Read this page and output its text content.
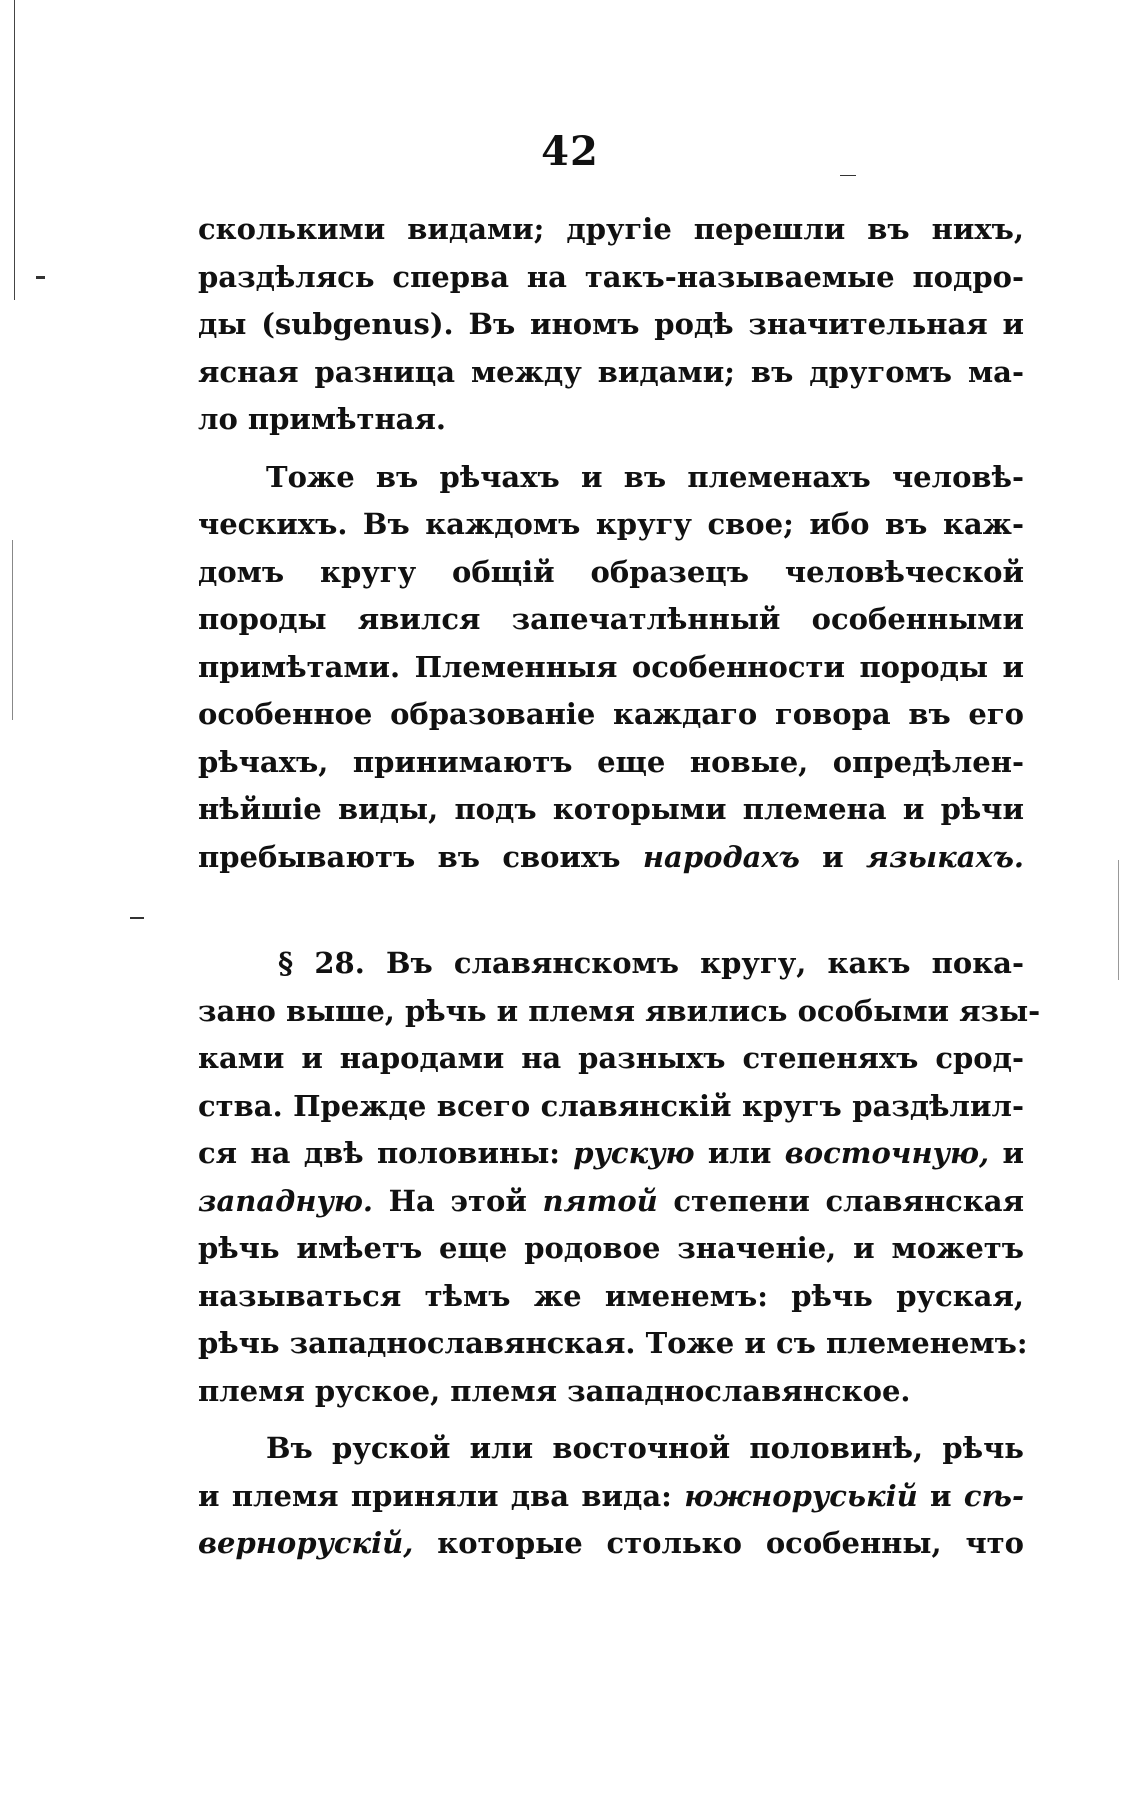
42
сколькими видами; другіе перешли въ нихъ,
раздѣлясь сперва на такъ-называемые подро-
ды (subgenus). Въ иномъ родѣ значительная и
ясная разница между видами; въ другомъ ма-
ло примѣтная.
Тоже въ рѣчахъ и въ племенахъ человѣ-
ческихъ. Въ каждомъ кругу свое; ибо въ каж-
домъ кругу общій образецъ человѣческой
породы явился запечатлѣнный особенными
примѣтами. Племенныя особенности породы и
особенное образованіе каждаго говора въ его
рѣчахъ, принимаютъ еще новые, опредѣлен-
нѣйшіе виды, подъ которыми племена и рѣчи
пребываютъ въ своихъ народахъ и языкахъ.
§ 28. Въ славянскомъ кругу, какъ пока-
зано выше, рѣчь и племя явились особыми язы-
ками и народами на разныхъ степеняхъ срод-
ства. Прежде всего славянскій кругъ раздѣлил-
ся на двѣ половины: рускую или восточную, и
западную. На этой пятой степени славянская
рѣчь имѣетъ еще родовое значеніе, и можетъ
называться тѣмъ же именемъ: рѣчь руская,
рѣчь западнославянская. Тоже и съ племенемъ:
племя руское, племя западнославянское.
Въ руской или восточной половинѣ, рѣчь
и племя приняли два вида: южноруській и сѣ-
вернорускій, которые столько особенны, что
